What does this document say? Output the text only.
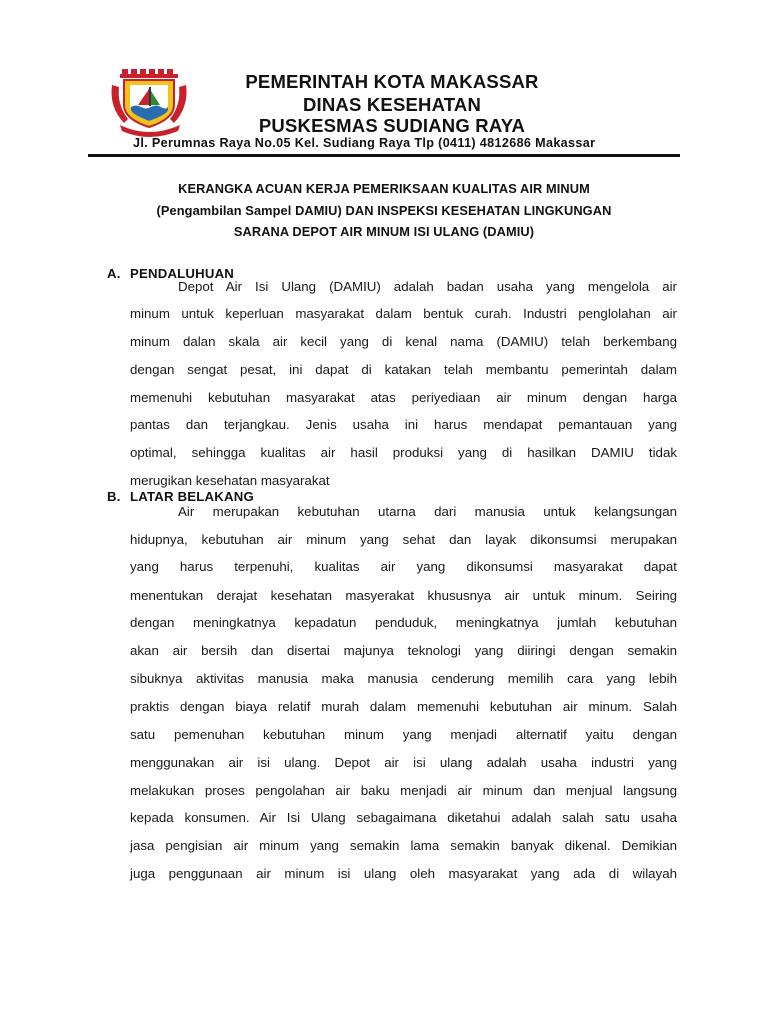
PEMERINTAH KOTA MAKASSAR
DINAS KESEHATAN
PUSKESMAS SUDIANG RAYA
Jl. Perumnas Raya No.05 Kel. Sudiang Raya Tlp (0411) 4812686 Makassar
KERANGKA ACUAN KERJA PEMERIKSAAN KUALITAS AIR MINUM
(Pengambilan Sampel DAMIU) DAN INSPEKSI KESEHATAN LINGKUNGAN
SARANA DEPOT AIR MINUM ISI ULANG (DAMIU)
A. PENDALUHUAN
Depot Air Isi Ulang (DAMIU) adalah badan usaha yang mengelola air
minum untuk keperluan masyarakat dalam bentuk curah. Industri penglolahan air
minum dalan skala air kecil yang di kenal nama (DAMIU) telah berkembang
dengan sengat pesat, ini dapat di katakan telah membantu pemerintah dalam
memenuhi kebutuhan masyarakat atas periyediaan air minum dengan harga
pantas dan terjangkau. Jenis usaha ini harus mendapat pemantauan yang
optimal, sehingga kualitas air hasil produksi yang di hasilkan DAMIU tidak
merugikan kesehatan masyarakat
B. LATAR BELAKANG
Air merupakan kebutuhan utarna dari manusia untuk kelangsungan
hidupnya, kebutuhan air minum yang sehat dan layak dikonsumsi merupakan
yang harus terpenuhi, kualitas air yang dikonsumsi masyarakat dapat
menentukan derajat kesehatan masyerakat khususnya air untuk minum. Seiring
dengan meningkatnya kepadatun penduduk, meningkatnya jumlah kebutuhan
akan air bersih dan disertai majunya teknologi yang diiringi dengan semakin
sibuknya aktivitas manusia maka manusia cenderung memilih cara yang lebih
praktis dengan biaya relatif murah dalam memenuhi kebutuhan air minum. Salah
satu pemenuhan kebutuhan minum yang menjadi alternatif yaitu dengan
menggunakan air isi ulang. Depot air isi ulang adalah usaha industri yang
melakukan proses pengolahan air baku menjadi air minum dan menjual langsung
kepada konsumen. Air Isi Ulang sebagaimana diketahui adalah salah satu usaha
jasa pengisian air minum yang semakin lama semakin banyak dikenal. Demikian
juga penggunaan air minum isi ulang oleh masyarakat yang ada di wilayah
